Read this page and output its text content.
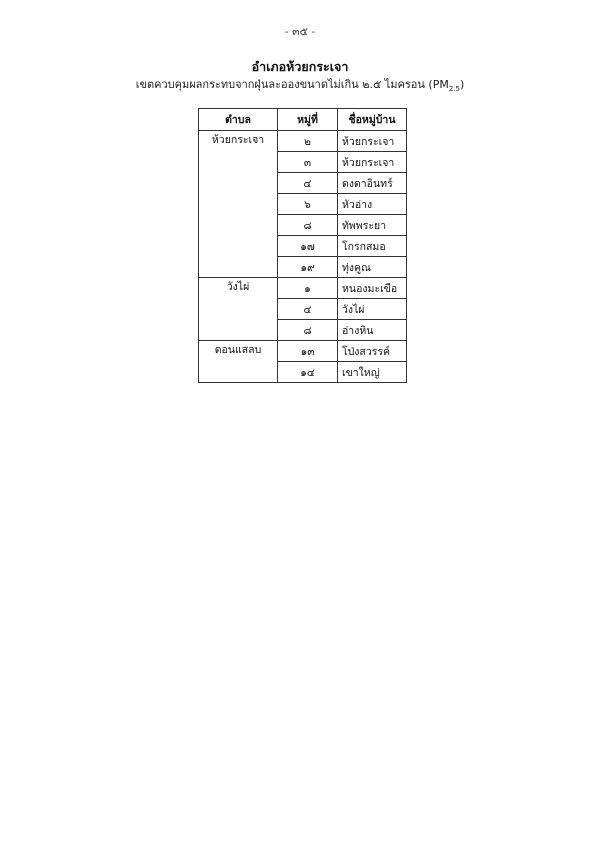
- ๓๕ -
อำเภอห้วยกระเจา
เขตควบคุมผลกระทบจากฝุ่นละอองขนาดไม่เกิน ๒.๕ ไมครอน $(PM_{2.5})$
ตำบล	หมู่ที่	ชื่อหมู่บ้าน
ห้วยกระเจา	๒	ห้วยกระเจา
	๓	ห้วยกระเจา
	๔	ดงดาอินทร์
	๖	หัวอ่าง
	๘	ทัพพระยา
	๑๗	โกรกสมอ
	๑๙	ทุ่งคูณ
วังไผ่	๑	หนองมะเขือ
	๔	วังไผ่
	๘	อ่างหิน
ดอนแสลบ	๑๓	โป่งสวรรค์
	๑๔	เขาใหญ่
